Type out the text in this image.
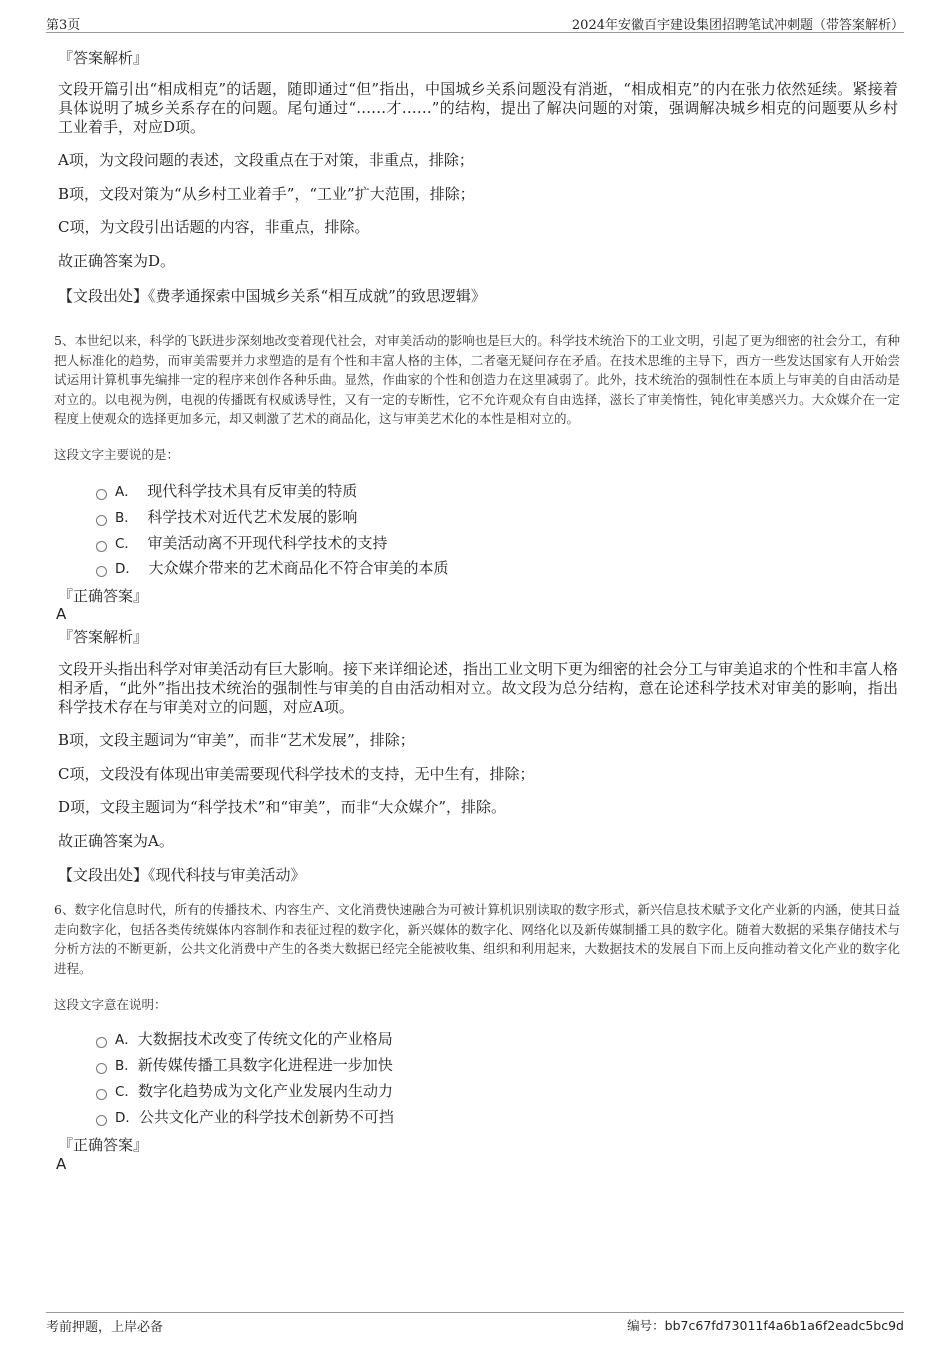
第3页	2024年安徽百宇建设集团招聘笔试冲刺题（带答案解析）
『答案解析』
文段开篇引出“相成相克”的话题，随即通过“但”指出，中国城乡关系问题没有消逝，“相成相克”的内在张力依然延续。紧接着具体说明了城乡关系存在的问题。尾句通过“……才……”的结构，提出了解决问题的对策，强调解决城乡相克的问题要从乡村工业着手，对应D项。
A项，为文段问题的表述，文段重点在于对策，非重点，排除；
B项，文段对策为“从乡村工业着手”，“工业”扩大范围，排除；
C项，为文段引出话题的内容，非重点，排除。
故正确答案为D。
【文段出处】《费孝通探索中国城乡关系“相互成就”的致思逻辑》
5、本世纪以来，科学的飞跃进步深刻地改变着现代社会，对审美活动的影响也是巨大的。科学技术统治下的工业文明，引起了更为细密的社会分工，有种把人标准化的趋势，而审美需要并力求塑造的是有个性和丰富人格的主体，二者毫无疑问存在矛盾。在技术思维的主导下，西方一些发达国家有人开始尝试运用计算机事先编排一定的程序来创作各种乐曲。显然，作曲家的个性和创造力在这里减弱了。此外，技术统治的强制性在本质上与审美的自由活动是对立的。以电视为例，电视的传播既有权威诱导性，又有一定的专断性，它不允许观众有自由选择，滋长了审美惰性，钝化审美感兴力。大众媒介在一定程度上使观众的选择更加多元，却又刺激了艺术的商品化，这与审美艺术化的本性是相对立的。
这段文字主要说的是：
A． 现代科学技术具有反审美的特质
B． 科学技术对近代艺术发展的影响
C． 审美活动离不开现代科学技术的支持
D． 大众媒介带来的艺术商品化不符合审美的本质
『正确答案』
A
『答案解析』
文段开头指出科学对审美活动有巨大影响。接下来详细论述，指出工业文明下更为细密的社会分工与审美追求的个性和丰富人格相矛盾，“此外”指出技术统治的强制性与审美的自由活动相对立。故文段为总分结构，意在论述科学技术对审美的影响，指出科学技术存在与审美对立的问题，对应A项。
B项，文段主题词为“审美”，而非“艺术发展”，排除；
C项，文段没有体现出审美需要现代科学技术的支持，无中生有，排除；
D项，文段主题词为“科学技术”和“审美”，而非“大众媒介”，排除。
故正确答案为A。
【文段出处】《现代科技与审美活动》
6、数字化信息时代，所有的传播技术、内容生产、文化消费快速融合为可被计算机识别读取的数字形式，新兴信息技术赋予文化产业新的内涵，使其日益走向数字化，包括各类传统媒体内容制作和表征过程的数字化，新兴媒体的数字化、网络化以及新传媒制播工具的数字化。随着大数据的采集存储技术与分析方法的不断更新，公共文化消费中产生的各类大数据已经完全能被收集、组织和利用起来，大数据技术的发展自下而上反向推动着文化产业的数字化进程。
这段文字意在说明：
A．大数据技术改变了传统文化的产业格局
B．新传媒传播工具数字化进程进一步加快
C．数字化趋势成为文化产业发展内生动力
D．公共文化产业的科学技术创新势不可挡
『正确答案』
A
考前押题，上岸必备	编号：bb7c67fd73011f4a6b1a6f2eadc5bc9d
